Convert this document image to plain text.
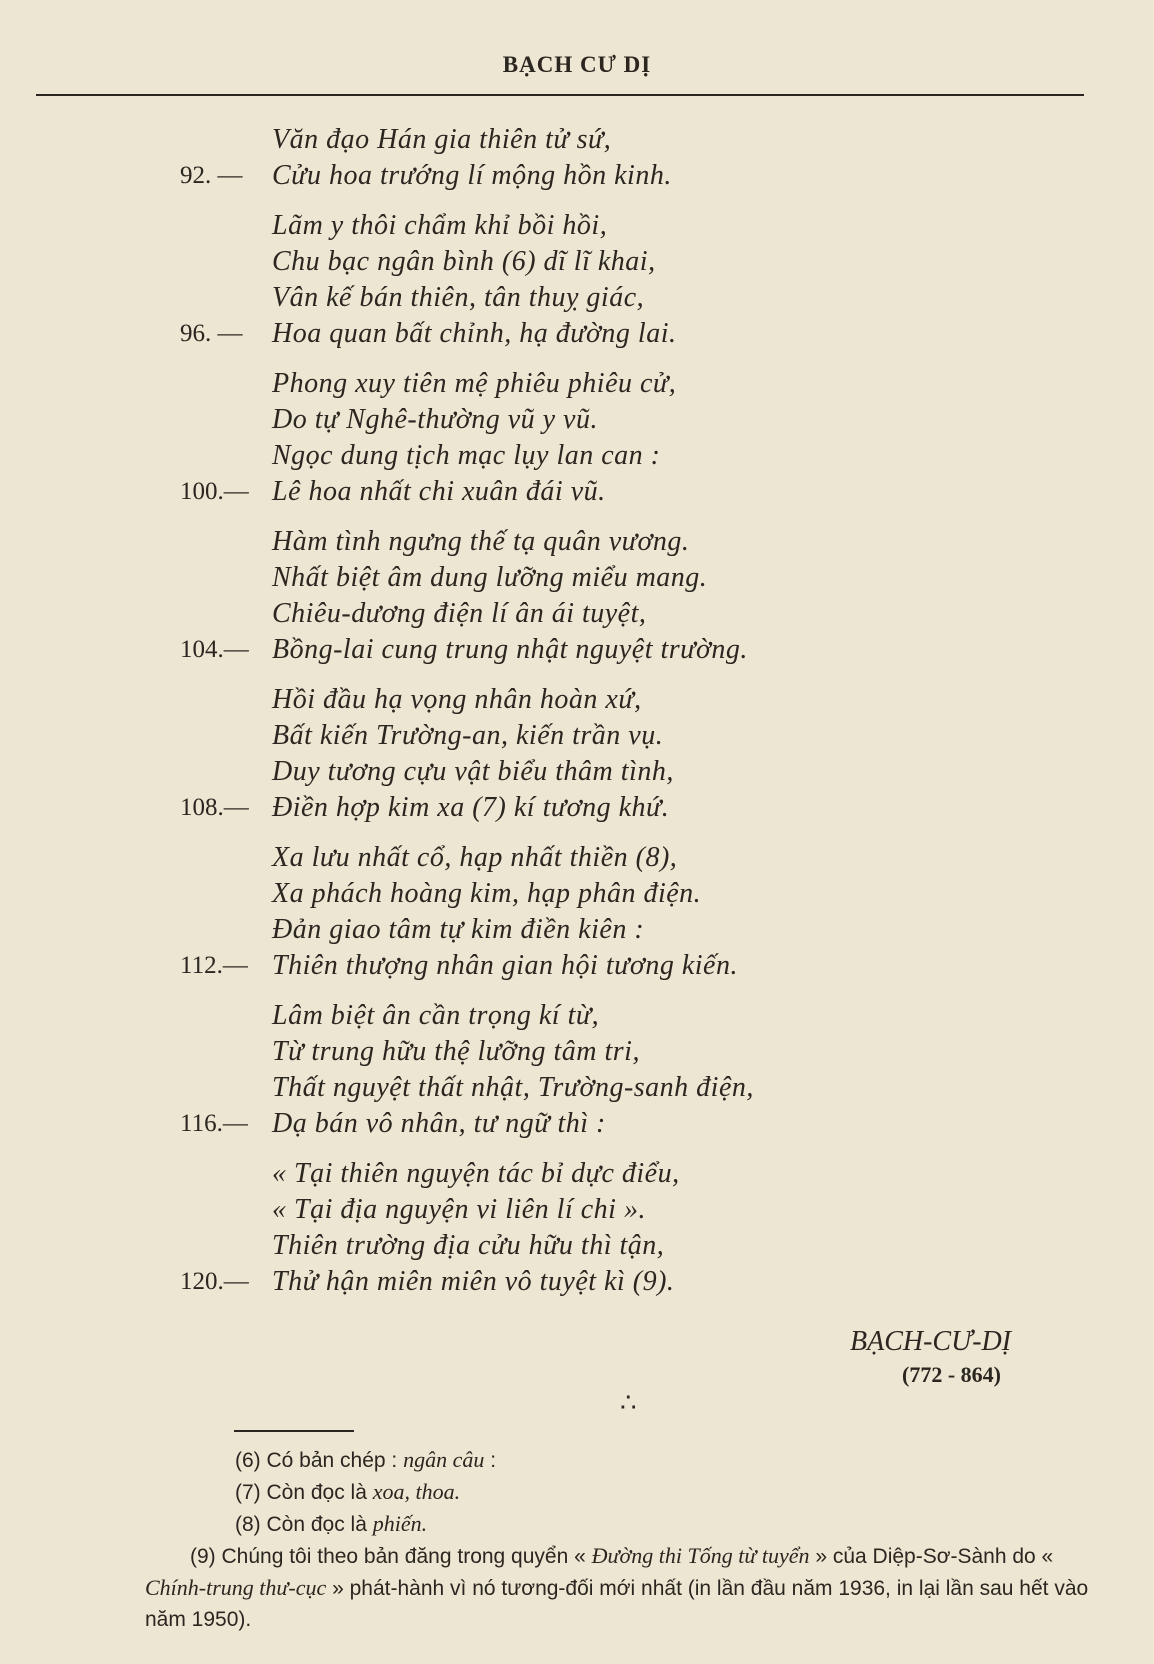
BẠCH CƯ DỊ
Văn đạo Hán gia thiên tử sứ,
92. — Cửu hoa trướng lí mộng hồn kinh.
Lãm y thôi chẩm khỉ bồi hồi,
Chu bạc ngân bình (6) dĩ lĩ khai,
Vân kế bán thiên, tân thuỵ giác,
96. — Hoa quan bất chỉnh, hạ đường lai.
Phong xuy tiên mệ phiêu phiêu cử,
Do tự Nghê-thường vũ y vũ.
Ngọc dung tịch mạc lụy lan can :
100.— Lê hoa nhất chi xuân đái vũ.
Hàm tình ngưng thế tạ quân vương.
Nhất biệt âm dung lưỡng miểu mang.
Chiêu-dương điện lí ân ái tuyệt,
104.— Bồng-lai cung trung nhật nguyệt trường.
Hồi đầu hạ vọng nhân hoàn xứ,
Bất kiến Trường-an, kiến trần vụ.
Duy tương cựu vật biểu thâm tình,
108.— Điền hợp kim xa (7) kí tương khứ.
Xa lưu nhất cổ, hạp nhất thiền (8),
Xa phách hoàng kim, hạp phân điện.
Đản giao tâm tự kim điền kiên :
112.— Thiên thượng nhân gian hội tương kiến.
Lâm biệt ân cần trọng kí từ,
Từ trung hữu thệ lưỡng tâm tri,
Thất nguyệt thất nhật, Trường-sanh điện,
116.— Dạ bán vô nhân, tư ngữ thì :
« Tại thiên nguyện tác bỉ dực điểu,
« Tại địa nguyện vi liên lí chi ».
Thiên trường địa cửu hữu thì tận,
120.— Thử hận miên miên vô tuyệt kì (9).
BẠCH-CƯ-DỊ
(772 - 864)
∴
(6) Có bản chép : ngân câu :
(7) Còn đọc là xoa, thoa.
(8) Còn đọc là phiến.
(9) Chúng tôi theo bản đăng trong quyển « Đường thi Tống từ tuyển » của Diệp-Sơ-Sành do « Chính-trung thư-cục » phát-hành vì nó tương-đối mới nhất (in lần đầu năm 1936, in lại lần sau hết vào năm 1950).
